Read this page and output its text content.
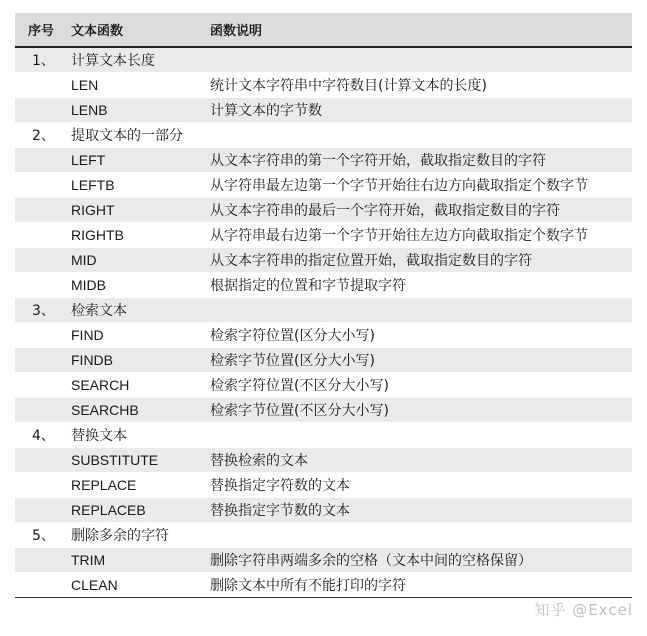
序号	文本函数	函数说明
1、	计算文本长度	
	LEN	统计文本字符串中字符数目(计算文本的长度)
	LENB	计算文本的字节数
2、	提取文本的一部分	
	LEFT	从文本字符串的第一个字符开始，截取指定数目的字符
	LEFTB	从字符串最左边第一个字节开始往右边方向截取指定个数字节
	RIGHT	从文本字符串的最后一个字符开始，截取指定数目的字符
	RIGHTB	从字符串最右边第一个字节开始往左边方向截取指定个数字节
	MID	从文本字符串的指定位置开始，截取指定数目的字符
	MIDB	根据指定的位置和字节提取字符
3、	检索文本	
	FIND	检索字符位置(区分大小写)
	FINDB	检索字节位置(区分大小写)
	SEARCH	检索字符位置(不区分大小写)
	SEARCHB	检索字节位置(不区分大小写)
4、	替换文本	
	SUBSTITUTE	替换检索的文本
	REPLACE	替换指定字符数的文本
	REPLACEB	替换指定字节数的文本
5、	删除多余的字符	
	TRIM	删除字符串两端多余的空格（文本中间的空格保留）
	CLEAN	删除文本中所有不能打印的字符
知乎 @Excel
